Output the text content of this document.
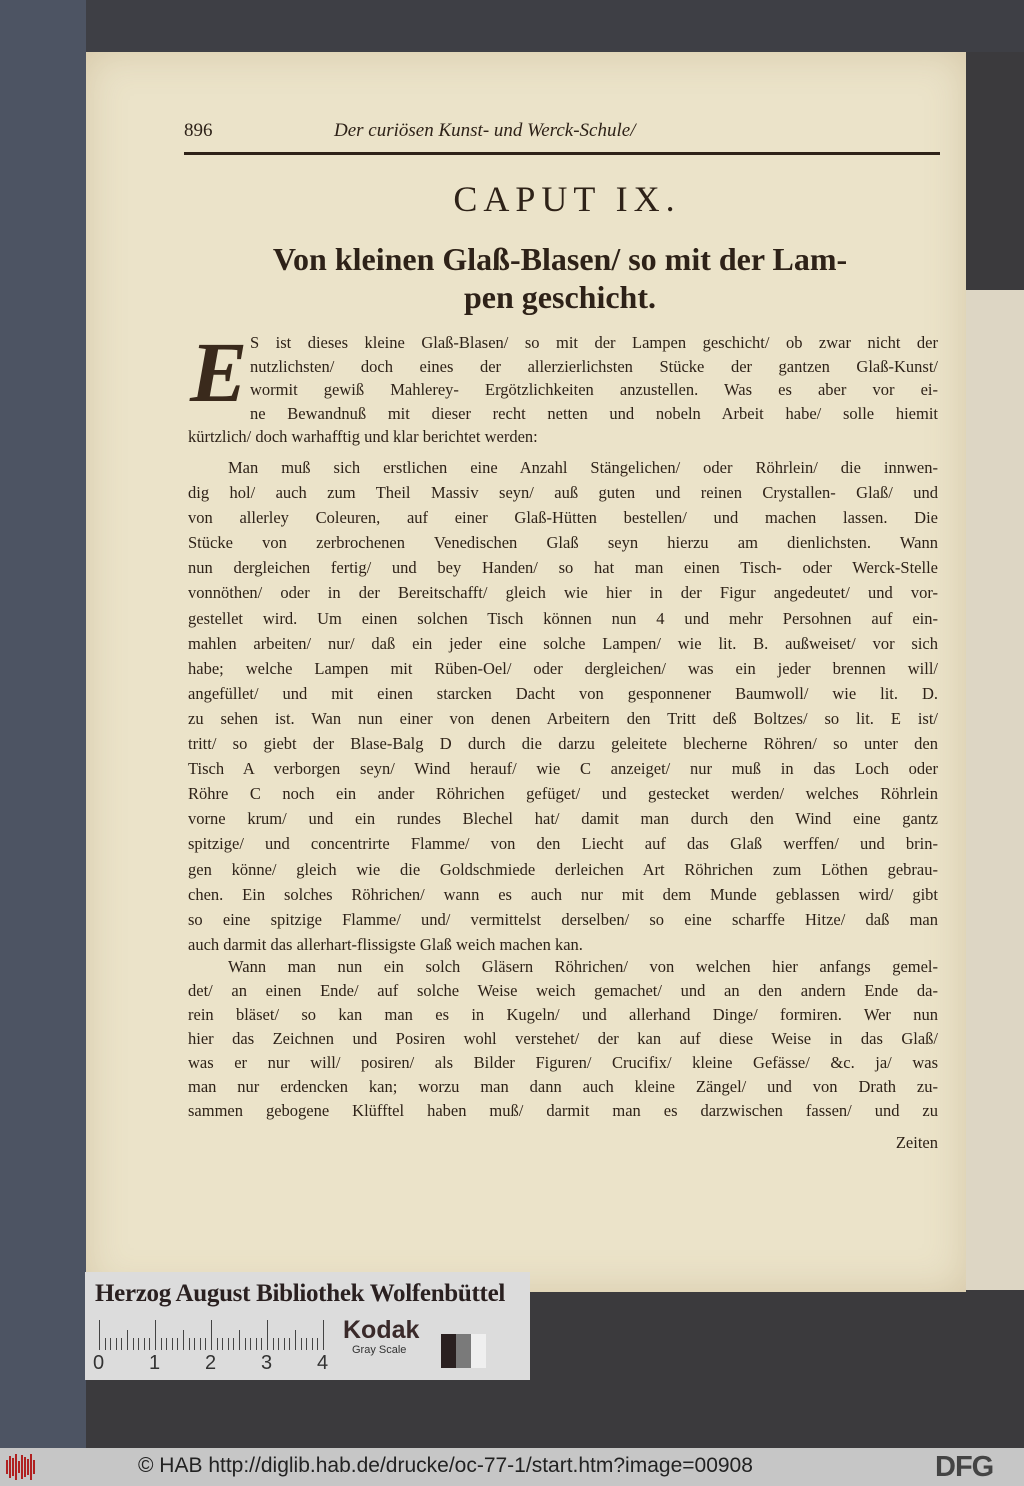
896	Der curiösen Kunst- und Werck-Schule/
CAPUT IX.
Von kleinen Glaß-Blasen/ so mit der Lam-
pen geschicht.
E S ist dieses kleine Glaß-Blasen/ so mit der Lampen geschicht/ ob zwar nicht der
nutzlichsten/ doch eines der allerzierlichsten Stücke der gantzen Glaß-Kunst/
wormit gewiß Mahlerey- Ergötzlichkeiten anzustellen. Was es aber vor ei-
ne Bewandnuß mit dieser recht netten und nobeln Arbeit habe/ solle hiemit
kürtzlich/ doch warhafftig und klar berichtet werden:
Man muß sich erstlichen eine Anzahl Stängelichen/ oder Röhrlein/ die innwen-
dig hol/ auch zum Theil Massiv seyn/ auß guten und reinen Crystallen- Glaß/ und
von allerley Coleuren, auf einer Glaß-Hütten bestellen/ und machen lassen. Die
Stücke von zerbrochenen Venedischen Glaß seyn hierzu am dienlichsten. Wann
nun dergleichen fertig/ und bey Handen/ so hat man einen Tisch- oder Werck-Stelle
vonnöthen/ oder in der Bereitschafft/ gleich wie hier in der Figur angedeutet/ und vor-
gestellet wird. Um einen solchen Tisch können nun 4 und mehr Persohnen auf ein-
mahlen arbeiten/ nur/ daß ein jeder eine solche Lampen/ wie lit. B. außweiset/ vor sich
habe; welche Lampen mit Rüben-Oel/ oder dergleichen/ was ein jeder brennen will/
angefüllet/ und mit einen starcken Dacht von gesponnener Baumwoll/ wie lit. D.
zu sehen ist. Wan nun einer von denen Arbeitern den Tritt deß Boltzes/ so lit. E ist/
tritt/ so giebt der Blase-Balg D durch die darzu geleitete blecherne Röhren/ so unter den
Tisch A verborgen seyn/ Wind herauf/ wie C anzeiget/ nur muß in das Loch oder
Röhre C noch ein ander Röhrichen gefüget/ und gestecket werden/ welches Röhrlein
vorne krum/ und ein rundes Blechel hat/ damit man durch den Wind eine gantz
spitzige/ und concentrirte Flamme/ von den Liecht auf das Glaß werffen/ und brin-
gen könne/ gleich wie die Goldschmiede derleichen Art Röhrichen zum Löthen gebrau-
chen. Ein solches Röhrichen/ wann es auch nur mit dem Munde geblassen wird/ gibt
so eine spitzige Flamme/ und/ vermittelst derselben/ so eine scharffe Hitze/ daß man
auch darmit das allerhart-flissigste Glaß weich machen kan.
Wann man nun ein solch Gläsern Röhrichen/ von welchen hier anfangs gemel-
det/ an einen Ende/ auf solche Weise weich gemachet/ und an den andern Ende da-
rein bläset/ so kan man es in Kugeln/ und allerhand Dinge/ formiren. Wer nun
hier das Zeichnen und Posiren wohl verstehet/ der kan auf diese Weise in das Glaß/
was er nur will/ posiren/ als Bilder Figuren/ Crucifix/ kleine Gefässe/ &c. ja/ was
man nur erdencken kan; worzu man dann auch kleine Zängel/ und von Drath zu-
sammen gebogene Klüfftel haben muß/ darmit man es darzwischen fassen/ und zu
Zeiten
Herzog August Bibliothek Wolfenbüttel
0 1 2 3 4
Kodak
Gray Scale
© HAB http://diglib.hab.de/drucke/oc-77-1/start.htm?image=00908	DFG
